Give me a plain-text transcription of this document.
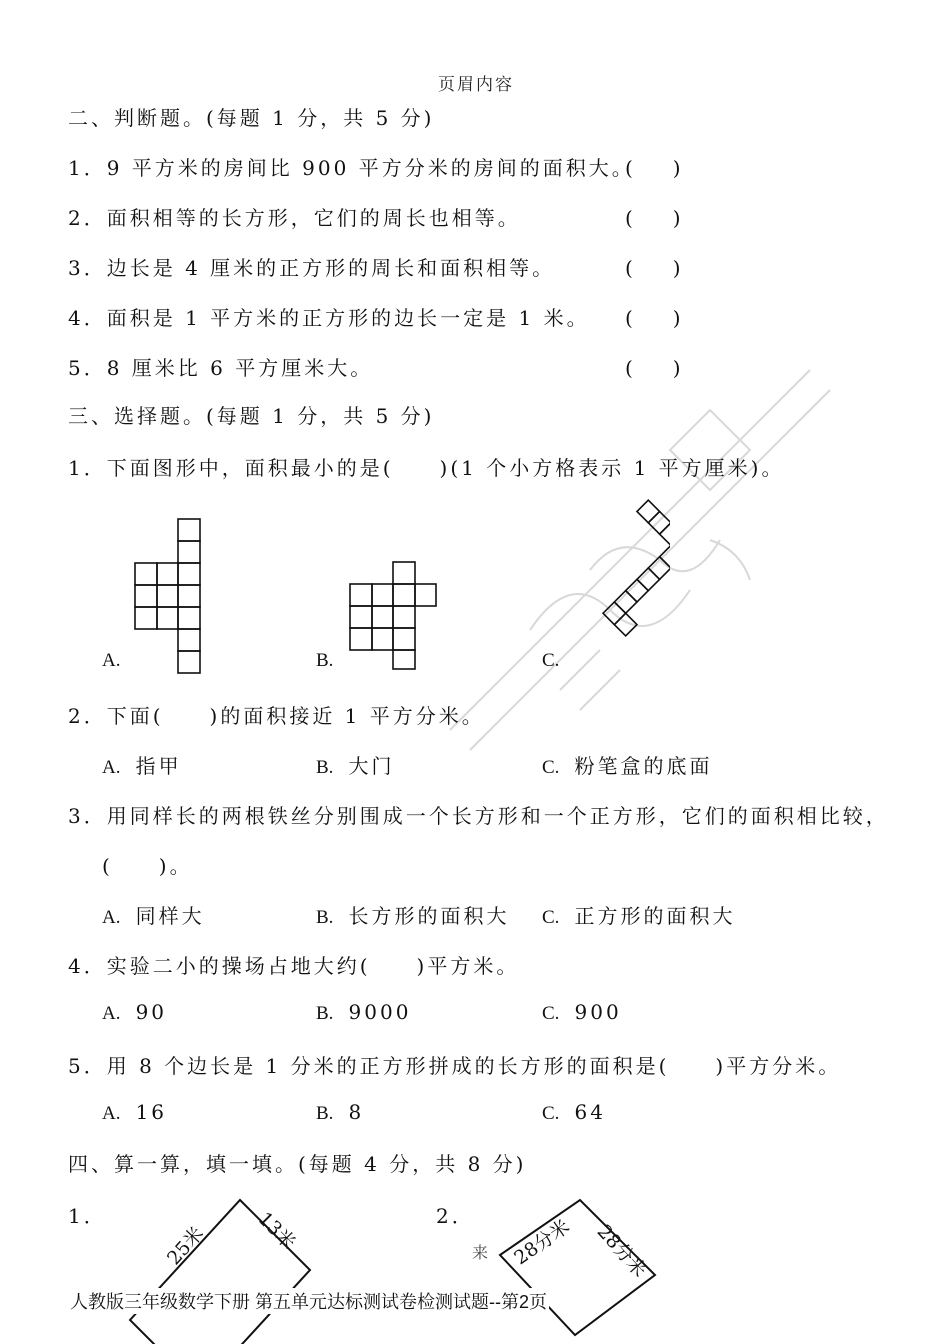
页眉内容
二、判断题。(每题 1 分，共 5 分)
1．9 平方米的房间比 900 平方分米的房间的面积大。
(　　)
2．面积相等的长方形，它们的周长也相等。	(　　)
3．边长是 4 厘米的正方形的周长和面积相等。	(　　)
4．面积是 1 平方米的正方形的边长一定是 1 米。 (　　)
5．8 厘米比 6 平方厘米大。	(　　)
三、选择题。(每题 1 分，共 5 分)
1．下面图形中，面积最小的是(　　)(1 个小方格表示 1 平方厘米)。
A.	B.	C.
2．下面(　　)的面积接近 1 平方分米。
A. 指甲	B. 大门	C. 粉笔盒的底面
3．用同样长的两根铁丝分别围成一个长方形和一个正方形，它们的面积相比较，
(　　)。
A. 同样大	B. 长方形的面积大 C. 正方形的面积大
4．实验二小的操场占地大约(　　)平方米。
A. 90	B. 9000	C. 900
5．用 8 个边长是 1 分米的正方形拼成的长方形的面积是(　　)平方分米。
A. 16	B. 8	C. 64
四、算一算，填一填。(每题 4 分，共 8 分)
1．
25米 13米	2．
来 28分米 28分米
人教版三年级数学下册 第五单元达标测试卷检测试题--第2页
